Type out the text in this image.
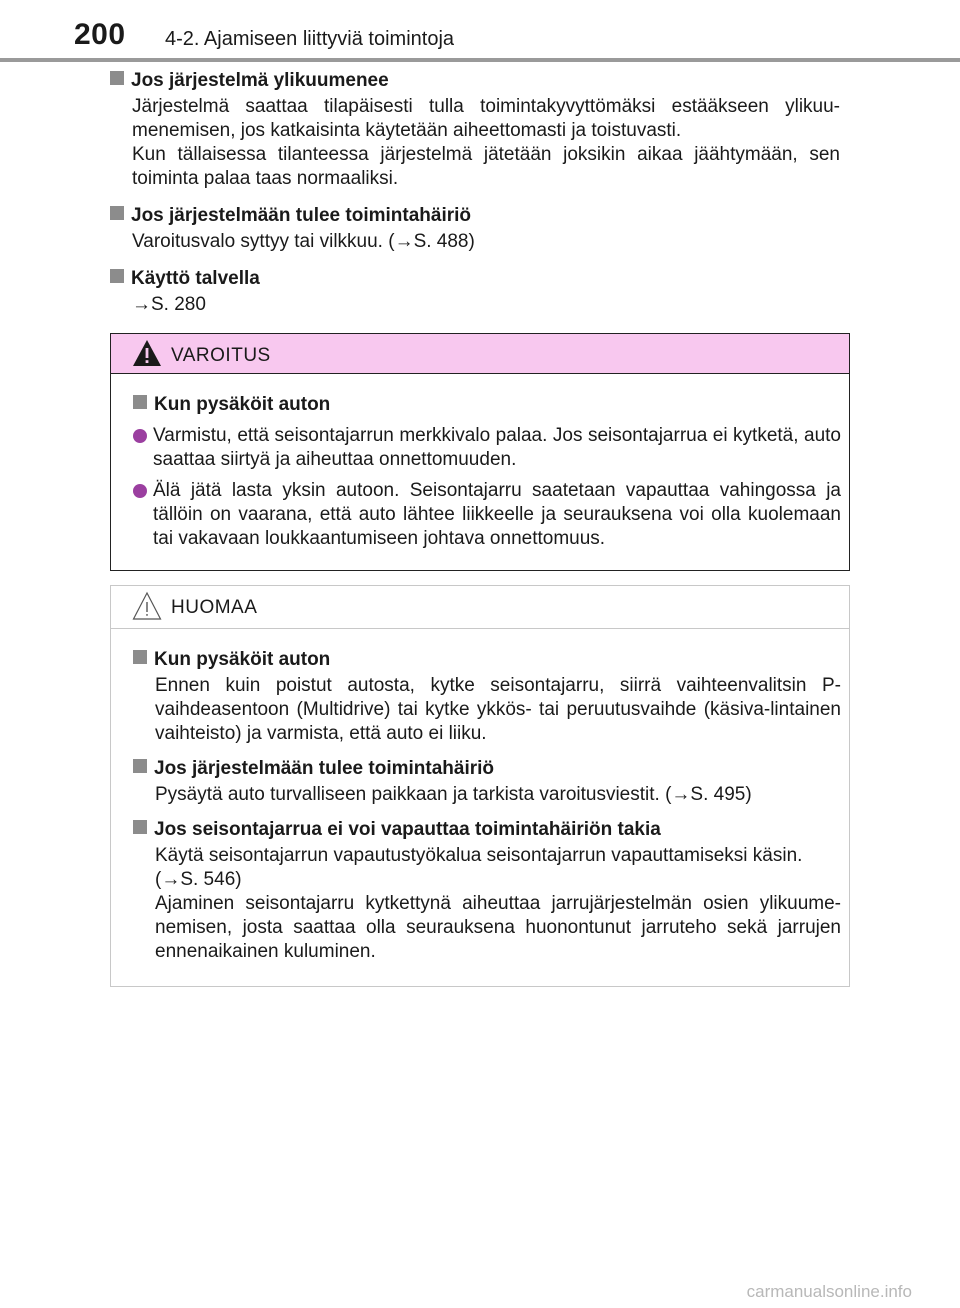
200 4-2. Ajamiseen liittyviä toimintoja
Jos järjestelmä ylikuumenee
Järjestelmä saattaa tilapäisesti tulla toimintakyvyttömäksi estääkseen ylikuu-menemisen, jos katkaisinta käytetään aiheettomasti ja toistuvasti.
Kun tällaisessa tilanteessa järjestelmä jätetään joksikin aikaa jäähtymään, sen toiminta palaa taas normaaliksi.
Jos järjestelmään tulee toimintahäiriö
Varoitusvalo syttyy tai vilkkuu. (→S. 488)
Käyttö talvella
→S. 280
VAROITUS
Kun pysäköit auton
Varmistu, että seisontajarrun merkkivalo palaa. Jos seisontajarrua ei kytketä, auto saattaa siirtyä ja aiheuttaa onnettomuuden.
Älä jätä lasta yksin autoon. Seisontajarru saatetaan vapauttaa vahingossa ja tällöin on vaarana, että auto lähtee liikkeelle ja seurauksena voi olla kuolemaan tai vakavaan loukkaantumiseen johtava onnettomuus.
HUOMAA
Kun pysäköit auton
Ennen kuin poistut autosta, kytke seisontajarru, siirrä vaihteenvalitsin P-vaihdeasentoon (Multidrive) tai kytke ykkös- tai peruutusvaihde (käsiva-lintainen vaihteisto) ja varmista, että auto ei liiku.
Jos järjestelmään tulee toimintahäiriö
Pysäytä auto turvalliseen paikkaan ja tarkista varoitusviestit. (→S. 495)
Jos seisontajarrua ei voi vapauttaa toimintahäiriön takia
Käytä seisontajarrun vapautustyökalua seisontajarrun vapauttamiseksi käsin.
(→S. 546)
Ajaminen seisontajarru kytkettynä aiheuttaa jarrujärjestelmän osien ylikuume-nemisen, josta saattaa olla seurauksena huonontunut jarruteho sekä jarrujen ennenaikainen kuluminen.
carmanualsonline.info
